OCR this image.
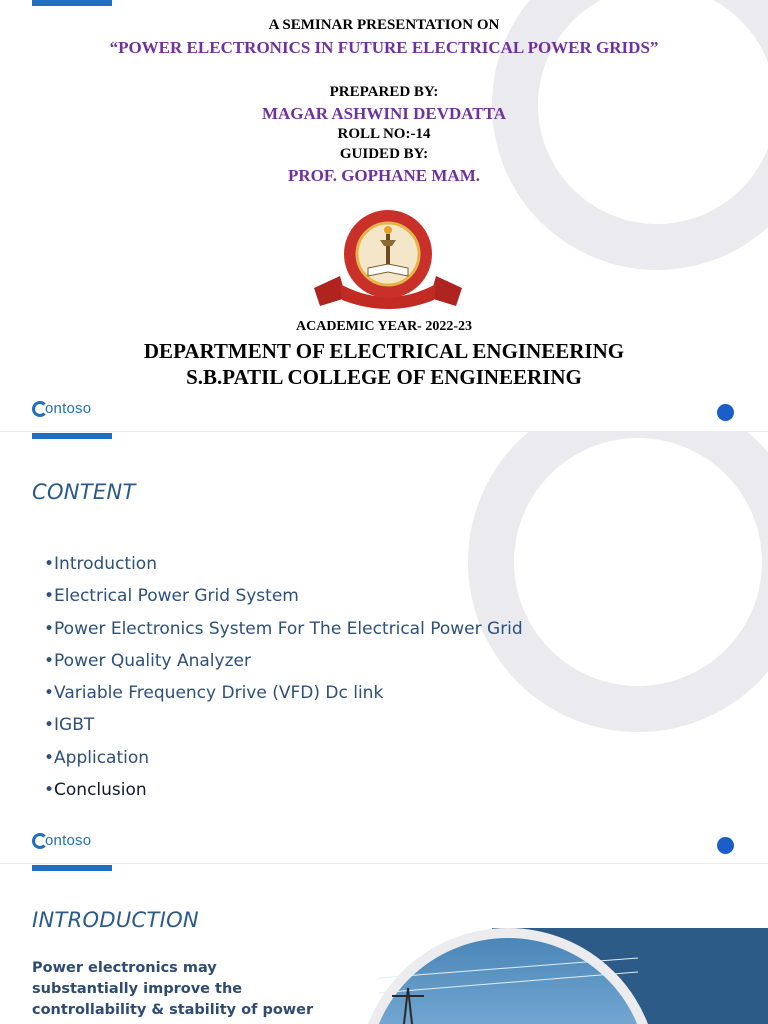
A SEMINAR PRESENTATION ON
“POWER ELECTRONICS IN FUTURE ELECTRICAL POWER GRIDS”
PREPARED BY:
MAGAR ASHWINI DEVDATTA
ROLL NO:-14
GUIDED BY:
PROF. GOPHANE MAM.
ACADEMIC YEAR- 2022-23
DEPARTMENT OF ELECTRICAL ENGINEERING
S.B.PATIL COLLEGE OF ENGINEERING
ontoso
CONTENT
•Introduction
•Electrical Power Grid System
•Power Electronics System For The Electrical Power Grid
•Power Quality Analyzer
•Variable Frequency Drive (VFD) Dc link
•IGBT
•Application
•Conclusion
ontoso
INTRODUCTION
Power electronics may substantially improve the controllability & stability of power
